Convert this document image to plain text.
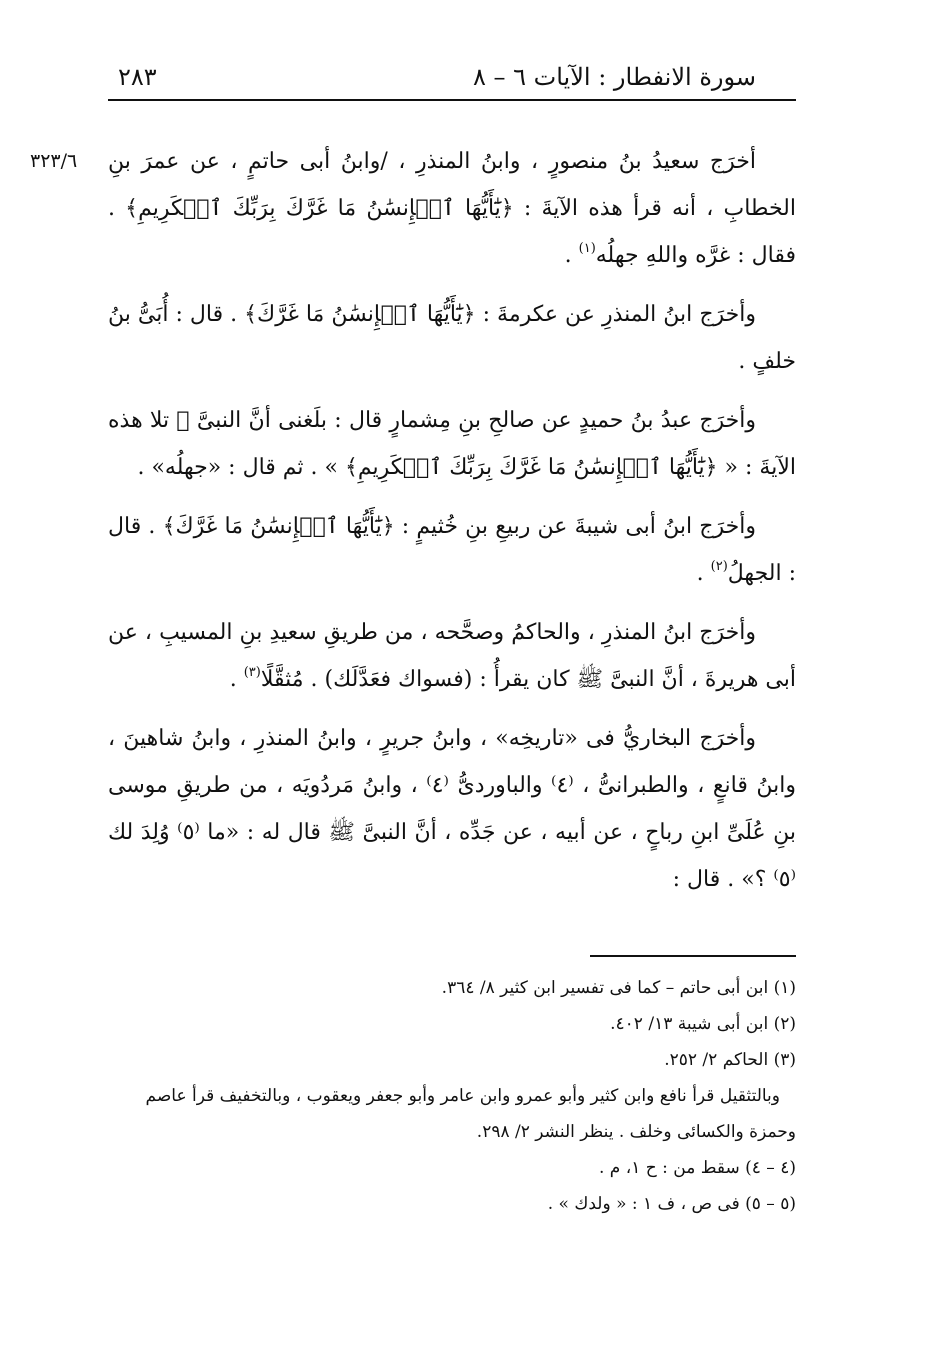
سورة الانفطار : الآيات ٦ – ٨
٢٨٣
٣٢٣/٦	أخرَج سعيدُ بنُ منصورٍ ، وابنُ المنذرِ ، /وابنُ أبى حاتمٍ ، عن عمرَ بنِ الخطابِ ، أنه قرأ هذه الآيةَ : ﴿يَٰٓأَيُّهَا ٱلۡإِنسَٰنُ مَا غَرَّكَ بِرَبِّكَ ٱلۡكَرِيمِ﴾ . فقال : غرَّه واللهِ جهلُه$^{(١)}$ .

وأخرَج ابنُ المنذرِ عن عكرمةَ : ﴿يَٰٓأَيُّهَا ٱلۡإِنسَٰنُ مَا غَرَّكَ﴾ . قال : أُبَىُّ بنُ خلفٍ .

وأخرَج عبدُ بنُ حميدٍ عن صالحِ بنِ مِشمارٍ قال : بلَغنى أنَّ النبىَّ ﷺ تلا هذه الآيةَ : « ﴿يَٰٓأَيُّهَا ٱلۡإِنسَٰنُ مَا غَرَّكَ بِرَبِّكَ ٱلۡكَرِيمِ﴾ » . ثم قال : «جهلُه» .

وأخرَج ابنُ أبى شيبةَ عن ربيعِ بنِ خُثيمٍ : ﴿يَٰٓأَيُّهَا ٱلۡإِنسَٰنُ مَا غَرَّكَ﴾ . قال : الجهلُ$^{(٢)}$ .

وأخرَج ابنُ المنذرِ ، والحاكمُ وصحَّحه ، من طريقِ سعيدِ بنِ المسيبِ ، عن أبى هريرةَ ، أنَّ النبىَّ ﷺ كان يقرأُ : (فسواك فعَدَّلَك) . مُثقَّلًا$^{(٣)}$ .

وأخرَج البخاريُّ فى «تاريخِه» ، وابنُ جريرٍ ، وابنُ المنذرِ ، وابنُ شاهينَ ، وابنُ قانعٍ ، والطبرانىُّ ، ⁽٤⁾ والباوردىُّ ⁽٤⁾ ، وابنُ مَردُويَه ، من طريقِ موسى بنِ عُلَىِّ ابنِ رباحٍ ، عن أبيه ، عن جَدِّه ، أنَّ النبىَّ ﷺ قال له : «ما ⁽٥⁾ وُلِدَ لك ⁽٥⁾ ؟» . قال :

(١) ابن أبى حاتم – كما فى تفسير ابن كثير ٨/ ٣٦٤.

(٢) ابن أبى شيبة ١٣/ ٤٠٢.

(٣) الحاكم ٢/ ٢٥٢.

وبالتثقيل قرأ نافع وابن كثير وأبو عمرو وابن عامر وأبو جعفر ويعقوب ، وبالتخفيف قرأ عاصم وحمزة والكسائى وخلف . ينظر النشر ٢/ ٢٩٨.

(٤ – ٤) سقط من : ح ١، م .

(٥ – ٥) فى ص ، ف ١ : « ولدك » .
